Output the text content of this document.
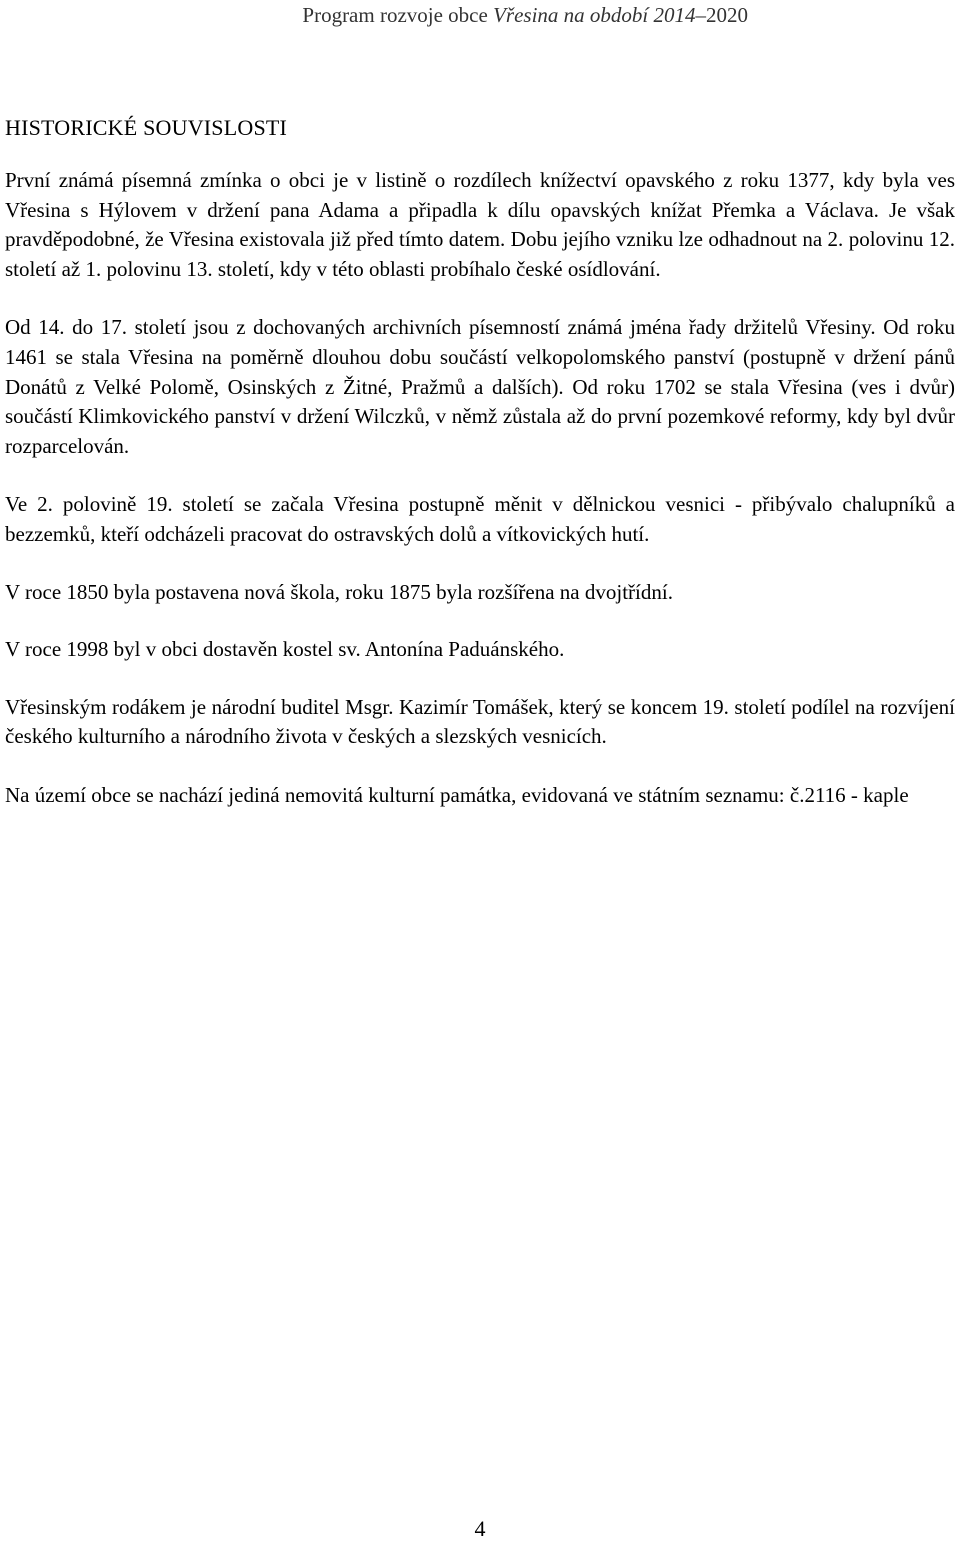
Program rozvoje obce Vřesina na období 2014–2020
HISTORICKÉ SOUVISLOSTI

První známá písemná zmínka o obci je v listině o rozdílech knížectví opavského z roku 1377, kdy byla ves Vřesina s Hýlovem v držení pana Adama a připadla k dílu opavských knížat Přemka a Václava. Je však pravděpodobné, že Vřesina existovala již před tímto datem. Dobu jejího vzniku lze odhadnout na 2. polovinu 12. století až 1. polovinu 13. století, kdy v této oblasti probíhalo české osídlování.

Od 14. do 17. století jsou z dochovaných archivních písemností známá jména řady držitelů Vřesiny. Od roku 1461 se stala Vřesina na poměrně dlouhou dobu součástí velkopolomského panství (postupně v držení pánů Donátů z Velké Polomě, Osinských z Žitné, Pražmů a dalších). Od roku 1702 se stala Vřesina (ves i dvůr) součástí Klimkovického panství v držení Wilczků, v němž zůstala až do první pozemkové reformy, kdy byl dvůr rozparcelován.

Ve 2. polovině 19. století se začala Vřesina postupně měnit v dělnickou vesnici - přibývalo chalupníků a bezzemků, kteří odcházeli pracovat do ostravských dolů a vítkovických hutí.

V roce 1850 byla postavena nová škola, roku 1875 byla rozšířena na dvojtřídní.

V roce 1998 byl v obci dostavěn kostel sv. Antonína Paduánského.

Vřesinským rodákem je národní buditel Msgr. Kazimír Tomášek, který se koncem 19. století podílel na rozvíjení českého kulturního a národního života v českých a slezských vesnicích.

Na území obce se nachází jediná nemovitá kulturní památka, evidovaná ve státním seznamu: č.2116 - kaple

4
